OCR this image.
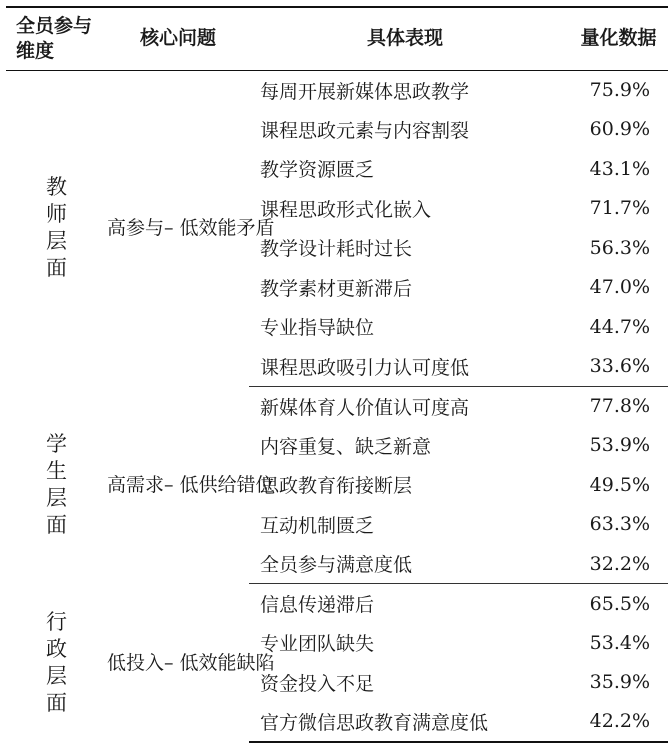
全员参与维度	核心问题	具体表现	量化数据
教师层面	高参与– 低效能矛盾	每周开展新媒体思政教学	75.9%
		课程思政元素与内容割裂	60.9%
		教学资源匮乏	43.1%
		课程思政形式化嵌入	71.7%
		教学设计耗时过长	56.3%
		教学素材更新滞后	47.0%
		专业指导缺位	44.7%
		课程思政吸引力认可度低	33.6%
学生层面	高需求– 低供给错位	新媒体育人价值认可度高	77.8%
		内容重复、缺乏新意	53.9%
		思政教育衔接断层	49.5%
		互动机制匮乏	63.3%
		全员参与满意度低	32.2%
行政层面	低投入– 低效能缺陷	信息传递滞后	65.5%
		专业团队缺失	53.4%
		资金投入不足	35.9%
		官方微信思政教育满意度低	42.2%
